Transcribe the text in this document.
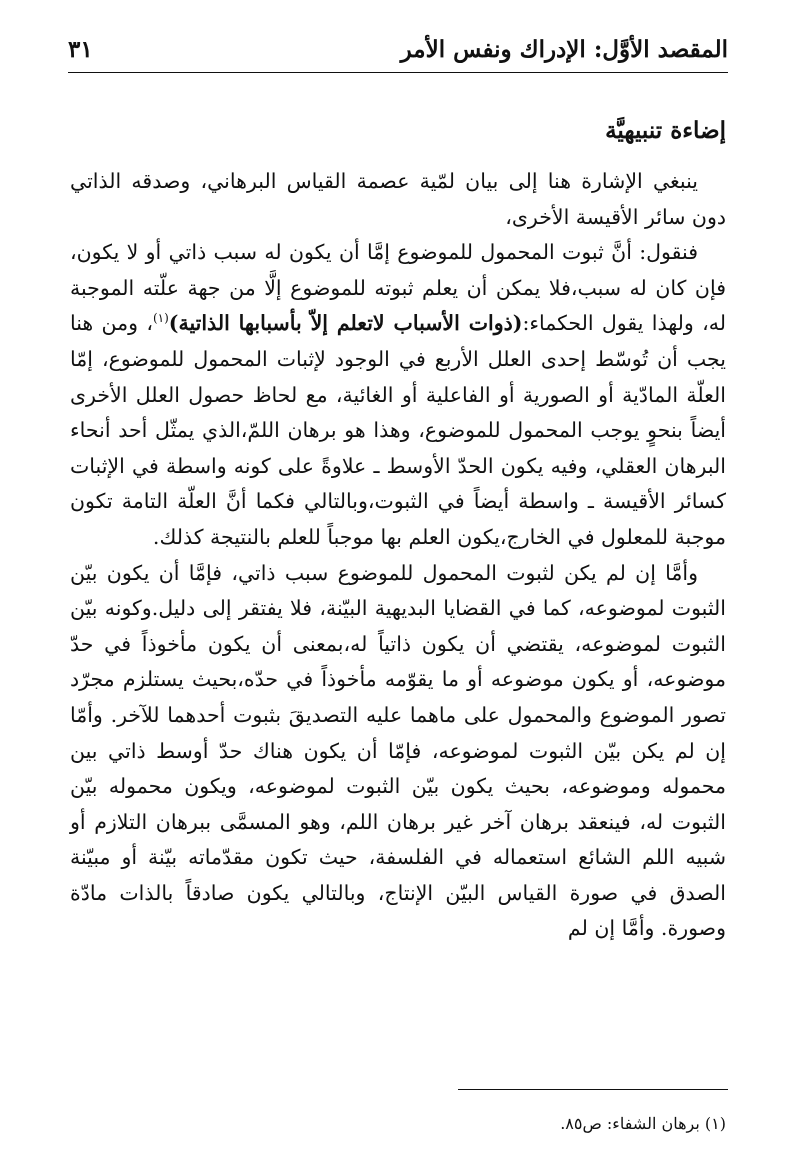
المقصد الأوَّل: الإدراك ونفس الأمر
٣١
إضاءة تنبيهيَّة

ينبغي الإشارة هنا إلى بيان لمّية عصمة القياس البرهاني، وصدقه الذاتي دون سائر الأقيسة الأخرى،

فنقول: أنَّ ثبوت المحمول للموضوع إمَّا أن يكون له سبب ذاتي أو لا يكون، فإن كان له سبب،فلا يمكن أن يعلم ثبوته للموضوع إلَّا من جهة علّته الموجبة له، ولهذا يقول الحكماء:(ذوات الأسباب لاتعلم إلاّ بأسبابها الذاتية)$^{(١)}$، ومن هنا يجب أن تُوسّط إحدى العلل الأربع في الوجود لإثبات المحمول للموضوع، إمّا العلّة المادّية أو الصورية أو الفاعلية أو الغائية، مع لحاظ حصول العلل الأخرى أيضاً بنحوٍ يوجب المحمول للموضوع، وهذا هو برهان اللمّ،الذي يمثّل أحد أنحاء البرهان العقلي، وفيه يكون الحدّ الأوسط ـ علاوةً على كونه واسطة في الإثبات كسائر الأقيسة ـ واسطة أيضاً في الثبوت،وبالتالي فكما أنَّ العلّة التامة تكون موجبة للمعلول في الخارج،يكون العلم بها موجباً للعلم بالنتيجة كذلك.

وأمَّا إن لم يكن لثبوت المحمول للموضوع سبب ذاتي، فإمَّا أن يكون بيّن الثبوت لموضوعه، كما في القضايا البديهية البيّنة، فلا يفتقر إلى دليل.وكونه بيّن الثبوت لموضوعه، يقتضي أن يكون ذاتياً له،بمعنى أن يكون مأخوذاً في حدّ موضوعه، أو يكون موضوعه أو ما يقوّمه مأخوذاً في حدّه،بحيث يستلزم مجرّد تصور الموضوع والمحمول على ماهما عليه التصديقَ بثبوت أحدهما للآخر. وأمّا إن لم يكن بيّن الثبوت لموضوعه، فإمّا أن يكون هناك حدّ أوسط ذاتي بين محموله وموضوعه، بحيث يكون بيّن الثبوت لموضوعه، ويكون محموله بيّن الثبوت له، فينعقد برهان آخر غير برهان اللم، وهو المسمَّى ببرهان التلازم أو شبيه اللم الشائع استعماله في الفلسفة، حيث تكون مقدّماته بيّنة أو مبيّنة الصدق في صورة القياس البيّن الإنتاج، وبالتالي يكون صادقاً بالذات مادّة وصورة. وأمَّا إن لم

(١) برهان الشفاء: ص٨٥.
